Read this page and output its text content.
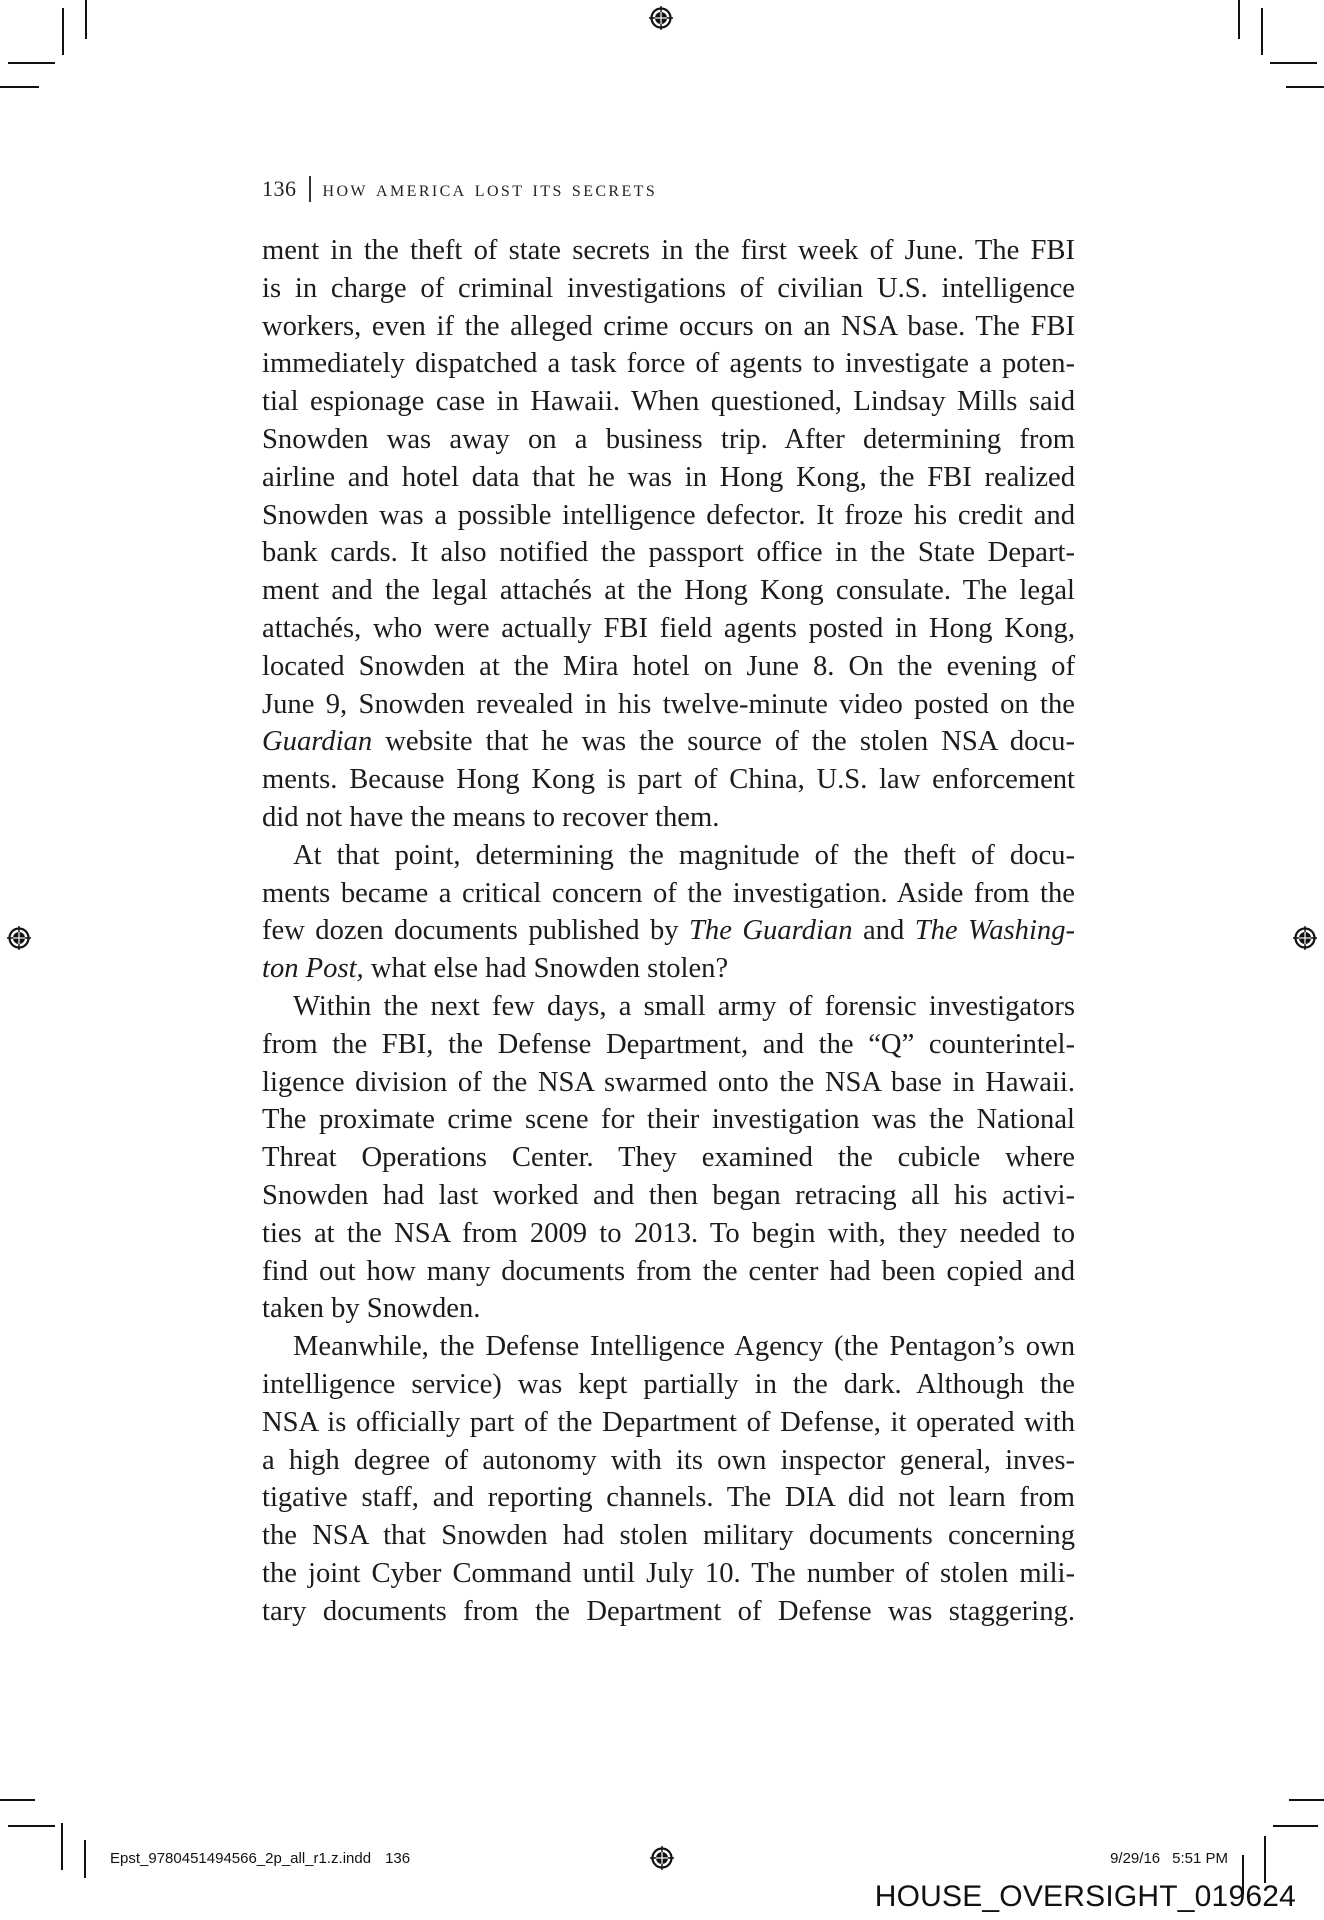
136 how america lost its secrets
ment in the theft of state secrets in the first week of June. The FBI
is in charge of criminal investigations of civilian U.S. intelligence
workers, even if the alleged crime occurs on an NSA base. The FBI
immediately dispatched a task force of agents to investigate a poten-
tial espionage case in Hawaii. When questioned, Lindsay Mills said
Snowden was away on a business trip. After determining from
airline and hotel data that he was in Hong Kong, the FBI realized
Snowden was a possible intelligence defector. It froze his credit and
bank cards. It also notified the passport office in the State Depart-
ment and the legal attachés at the Hong Kong consulate. The legal
attachés, who were actually FBI field agents posted in Hong Kong,
located Snowden at the Mira hotel on June 8. On the evening of
June 9, Snowden revealed in his twelve-minute video posted on the
Guardian website that he was the source of the stolen NSA docu-
ments. Because Hong Kong is part of China, U.S. law enforcement
did not have the means to recover them.
At that point, determining the magnitude of the theft of docu-
ments became a critical concern of the investigation. Aside from the
few dozen documents published by The Guardian and The Washing-
ton Post, what else had Snowden stolen?
Within the next few days, a small army of forensic investigators
from the FBI, the Defense Department, and the “Q” counterintel-
ligence division of the NSA swarmed onto the NSA base in Hawaii.
The proximate crime scene for their investigation was the National
Threat Operations Center. They examined the cubicle where
Snowden had last worked and then began retracing all his activi-
ties at the NSA from 2009 to 2013. To begin with, they needed to
find out how many documents from the center had been copied and
taken by Snowden.
Meanwhile, the Defense Intelligence Agency (the Pentagon’s own
intelligence service) was kept partially in the dark. Although the
NSA is officially part of the Department of Defense, it operated with
a high degree of autonomy with its own inspector general, inves-
tigative staff, and reporting channels. The DIA did not learn from
the NSA that Snowden had stolen military documents concerning
the joint Cyber Command until July 10. The number of stolen mili-
tary documents from the Department of Defense was staggering.
Epst_9780451494566_2p_all_r1.z.indd 136	9/29/16 5:51 PM
HOUSE_OVERSIGHT_019624
